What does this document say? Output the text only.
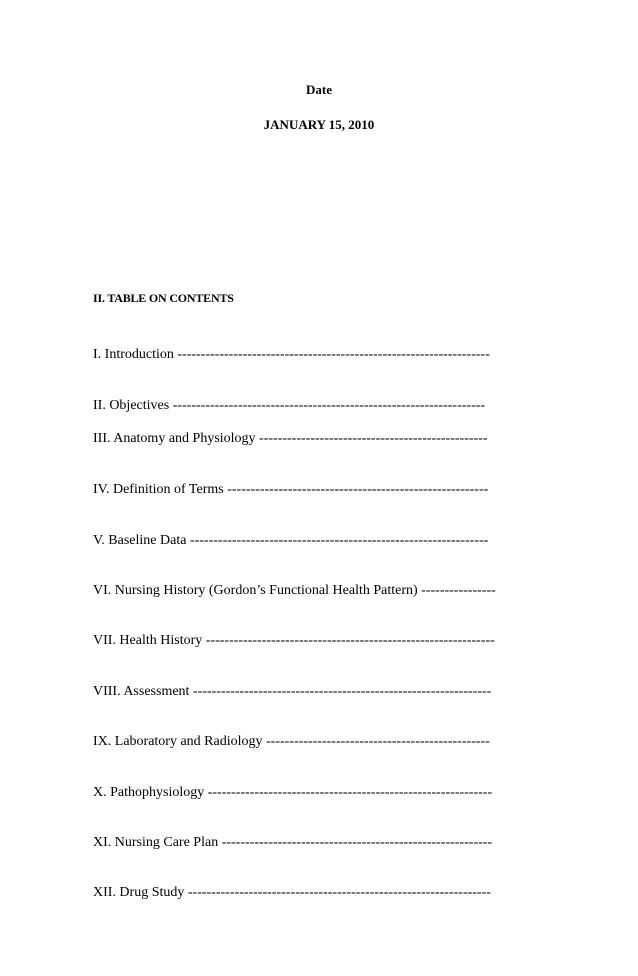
Date
JANUARY 15, 2010
II. TABLE ON CONTENTS
I. Introduction -------------------------------------------------------------------
II. Objectives -------------------------------------------------------------------
III. Anatomy and Physiology -------------------------------------------------
IV. Definition of Terms --------------------------------------------------------
V. Baseline Data ----------------------------------------------------------------
VI. Nursing History (Gordon’s Functional Health Pattern) ----------------
VII. Health History --------------------------------------------------------------
VIII. Assessment ----------------------------------------------------------------
IX. Laboratory and Radiology ------------------------------------------------
X. Pathophysiology -------------------------------------------------------------
XI. Nursing Care Plan ----------------------------------------------------------
XII. Drug Study -----------------------------------------------------------------
